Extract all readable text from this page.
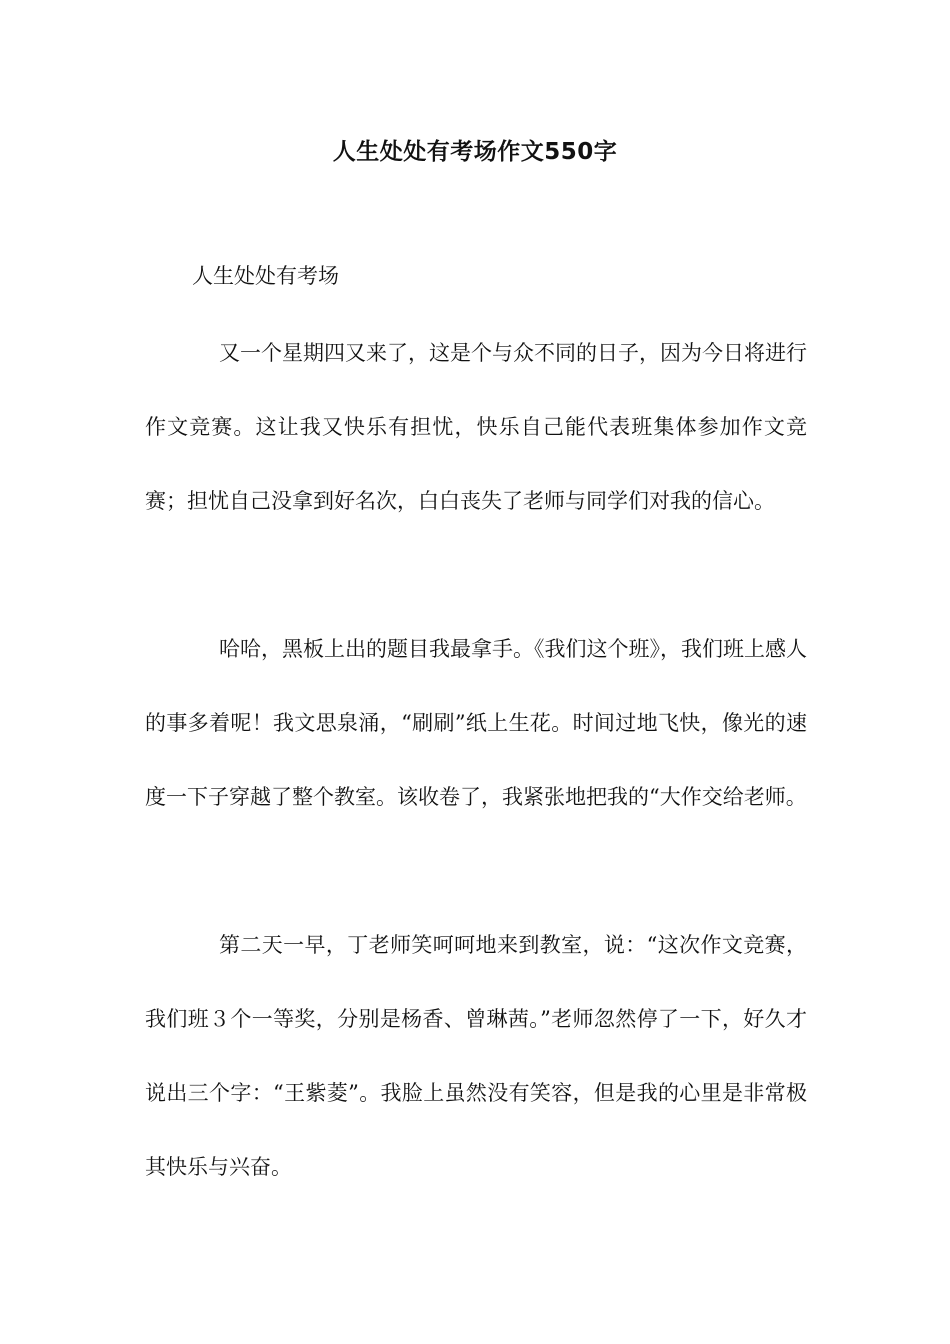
人生处处有考场作文550字
人生处处有考场

又一个星期四又来了，这是个与众不同的日子，因为今日将进行作文竞赛。这让我又快乐有担忧，快乐自己能代表班集体参加作文竞赛；担忧自己没拿到好名次，白白丧失了老师与同学们对我的信心。

哈哈，黑板上出的题目我最拿手。《我们这个班》，我们班上感人的事多着呢！我文思泉涌，“刷刷”纸上生花。时间过地飞快，像光的速度一下子穿越了整个教室。该收卷了，我紧张地把我的“大作交给老师。

第二天一早，丁老师笑呵呵地来到教室，说：“这次作文竞赛，我们班３个一等奖，分别是杨香、曾琳茜。”老师忽然停了一下，好久才说出三个字：“王紫菱”。我脸上虽然没有笑容，但是我的心里是非常极其快乐与兴奋。
